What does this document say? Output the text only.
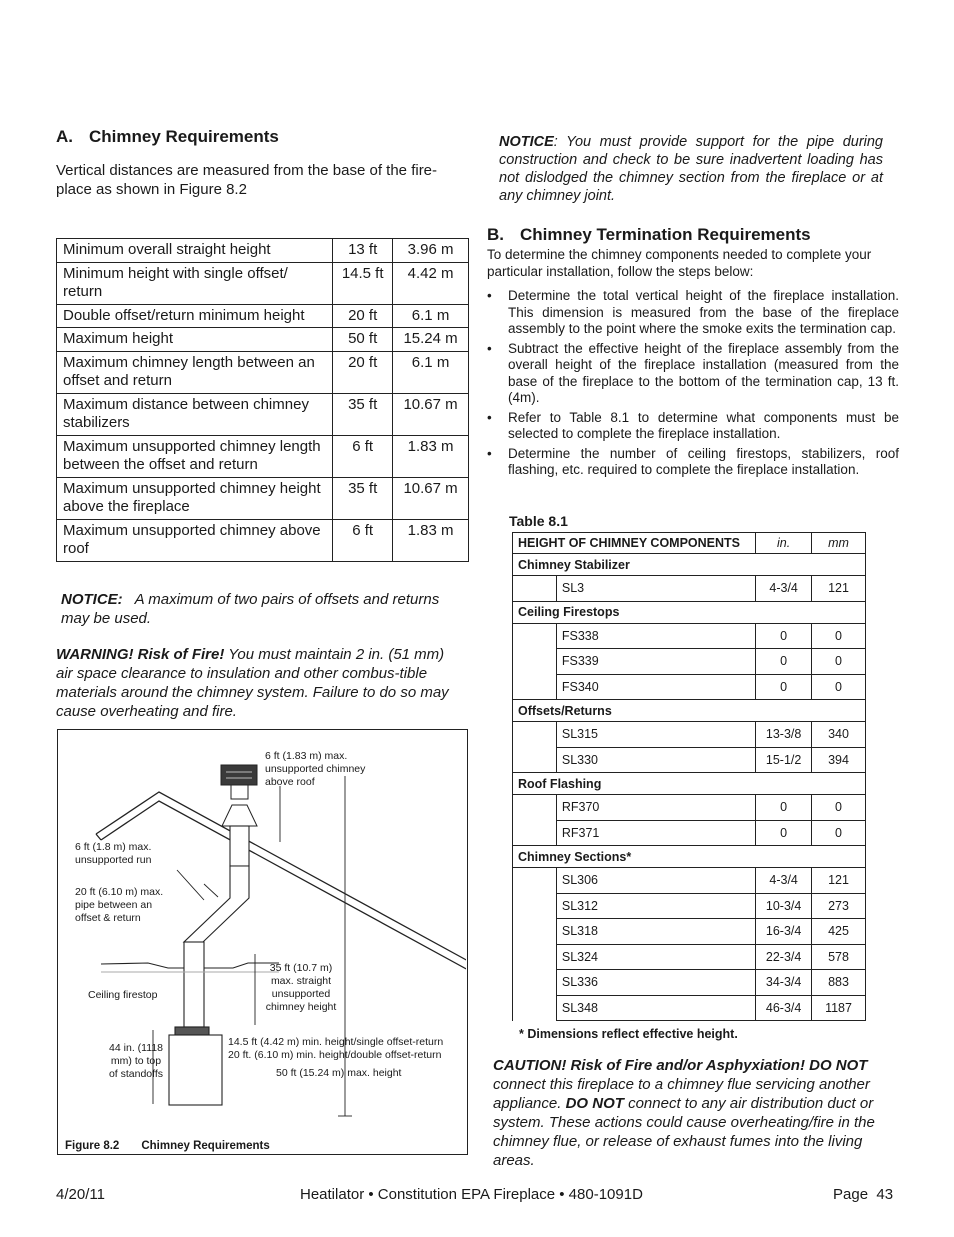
A. Chimney Requirements

Vertical distances are measured from the base of the fire-place as shown in Figure 8.2

Minimum overall straight height	13 ft	3.96 m
Minimum height with single offset/ return	14.5 ft	4.42 m
Double offset/return minimum height	20 ft	6.1 m
Maximum height	50 ft	15.24 m
Maximum chimney length between an offset and return	20 ft	6.1 m
Maximum distance between chimney stabilizers	35 ft	10.67 m
Maximum unsupported chimney length between the offset and return	6 ft	1.83 m
Maximum unsupported chimney height above the fireplace	35 ft	10.67 m
Maximum unsupported chimney above roof	6 ft	1.83 m

NOTICE: A maximum of two pairs of offsets and returns may be used.

WARNING! Risk of Fire! You must maintain 2 in. (51 mm) air space clearance to insulation and other combus-tible materials around the chimney system. Failure to do so may cause overheating and fire.

6 ft (1.83 m) max. unsupported chimney above roof
6 ft (1.8 m) max. unsupported run
20 ft (6.10 m) max. pipe between an offset & return
Ceiling firestop
35 ft (10.7 m) max. straight unsupported chimney height
44 in. (1118 mm) to top of standoffs
14.5 ft (4.42 m) min. height/single offset-return
20 ft. (6.10 m) min. height/double offset-return
50 ft (15.24 m) max. height
Figure 8.2 Chimney Requirements

NOTICE: You must provide support for the pipe during construction and check to be sure inadvertent loading has not dislodged the chimney section from the fireplace or at any chimney joint.

B. Chimney Termination Requirements

To determine the chimney components needed to complete your particular installation, follow the steps below:

• Determine the total vertical height of the fireplace installation. This dimension is measured from the base of the fireplace assembly to the point where the smoke exits the termination cap.
• Subtract the effective height of the fireplace assembly from the overall height of the fireplace installation (measured from the base of the fireplace to the bottom of the termination cap, 13 ft. (4m).
• Refer to Table 8.1 to determine what components must be selected to complete the fireplace installation.
• Determine the number of ceiling firestops, stabilizers, roof flashing, etc. required to complete the fireplace installation.
Table 8.1
HEIGHT OF CHIMNEY COMPONENTS		in.	mm
Chimney Stabilizer			
	SL3	4-3/4	121
Ceiling Firestops			
	FS338	0	0
	FS339	0	0
	FS340	0	0
Offsets/Returns			
	SL315	13-3/8	340
	SL330	15-1/2	394
Roof Flashing			
	RF370	0	0
	RF371	0	0
Chimney Sections*			
	SL306	4-3/4	121
	SL312	10-3/4	273
	SL318	16-3/4	425
	SL324	22-3/4	578
	SL336	34-3/4	883
	SL348	46-3/4	1187
* Dimensions reflect effective height.

CAUTION! Risk of Fire and/or Asphyxiation! DO NOT connect this fireplace to a chimney flue servicing another appliance. DO NOT connect to any air distribution duct or system. These actions could cause overheating/fire in the chimney flue, or release of exhaust fumes into the living areas.

4/20/11	Heatilator • Constitution EPA Fireplace • 480-1091D	Page 43
